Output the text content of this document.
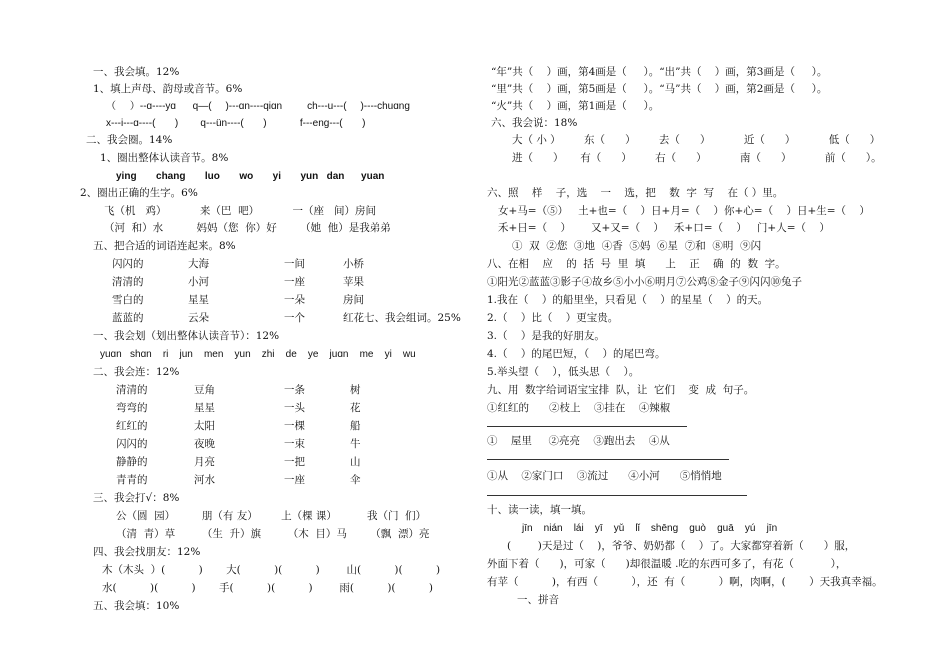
一、我会填。12%
1、填上声母、韵母或音节。6%
（     ）--ɑ----yɑ      q—(     )---ɑn----qiɑn         ch---u---(     )----chuɑnɡ
x---i---ɑ----(       )        q---ün----(       )            f---enɡ---(       )
二、我会圈。14%
1、圈出整体认读音节。8%
yinɡ       chanɡ       luo       wo       yi       yun   dan      yuan
2、圈出正确的生字。6%
飞（机   鸡）          来（巴  吧）          一（座   间）房间
（河  和）水          妈妈（您  你）好       （她  他）是我弟弟
五、把合适的词语连起来。8%
闪闪的	大海	一间	小桥
清清的	小河	一座	苹果
雪白的	星星	一朵	房间
蓝蓝的	云朵	一个	红花七、我会组词。25%
一、我会划（划出整体认读音节）：12%
yuɑn   shɑn    ri    jun    men    yun    zhi    de    ye    juɑn    me    yi    wu
二、我会连：12%
清清的	豆角	一条	树
弯弯的	星星	一头	花
红红的	太阳	一棵	船
闪闪的	夜晚	一束	牛
静静的	月亮	一把	山
青青的	河水	一座	伞
三、我会打√：8%
公（圆  园）        朋（有 友）       上（棵 课）         我（门  们）
（清  青）草        （生  升）旗        （木  目）马       （飘  漂）亮
四、我会找朋友：12%
木（木头  ）(          )       大(          )(          )        山(          )(          )
水(          )(          )       手(          )(          )        雨(          )(          )
五、我会填：10%
“年”共（    ）画，第4画是（     ）。“出”共（    ）画，第3画是（     ）。
“里”共（    ）画，第5画是（     ）。“马”共（    ）画，第2画是（     ）。
“火”共（    ）画，第1画是（     ）。
六、我会说：18%
大（ 小 ）       东（      ）       去（      ）          近（      ）          低（      ）
进（      ）     有（      ）       右（      ）          南（      ）          前（      ）。
六、照    样    子，选    一    选，把    数  字  写    在（ ）里。
女+马=（⑤）   土+也=（    ）日+月=（    ）你+心=（    ）日+生=（    ）
禾+日=（    ）      又+又=（    ）   禾+口=（    ）   门+人=（    ）
①  双  ②您  ③地  ④香  ⑤妈  ⑥星  ⑦和  ⑧明  ⑨闪
八、在相    应    的  括  号  里  填      上    正    确  的  数  字。
①阳光②蓝蓝③影子④故乡⑤小小⑥明月⑦公鸡⑧金子⑨闪闪⑩兔子
1.我在（    ）的船里坐，只看见（    ）的星星（    ）的天。
2.（    ）比（    ）更宝贵。
3.（    ）是我的好朋友。
4.（    ）的尾巴短，（    ）的尾巴弯。
5.举头望（    ），低头思（    ）。
九、用  数字给词语宝宝排  队，让  它们    变  成  句子。
①红红的      ②枝上    ③挂在    ④辣椒
①    屋里     ②亮亮    ③跑出去    ④从
①从    ②家门口    ③流过      ④小河      ⑤悄悄地
十、读一读，填一填。
jīn    nián    lái    yī    yǔ    lǐ    shēnɡ    ɡuò    ɡuā    yú    jīn
(        )天是过（    )，爷爷、奶奶都（    ）了。大家都穿着新（      ）服，
外面下着（      )，可家（      )却很温暖 .吃的东西可多了，有花（           ），
有苹（          )，有西（          ），还  有（          ）啊，肉啊，(       ）天我真幸福。
一、拼音
